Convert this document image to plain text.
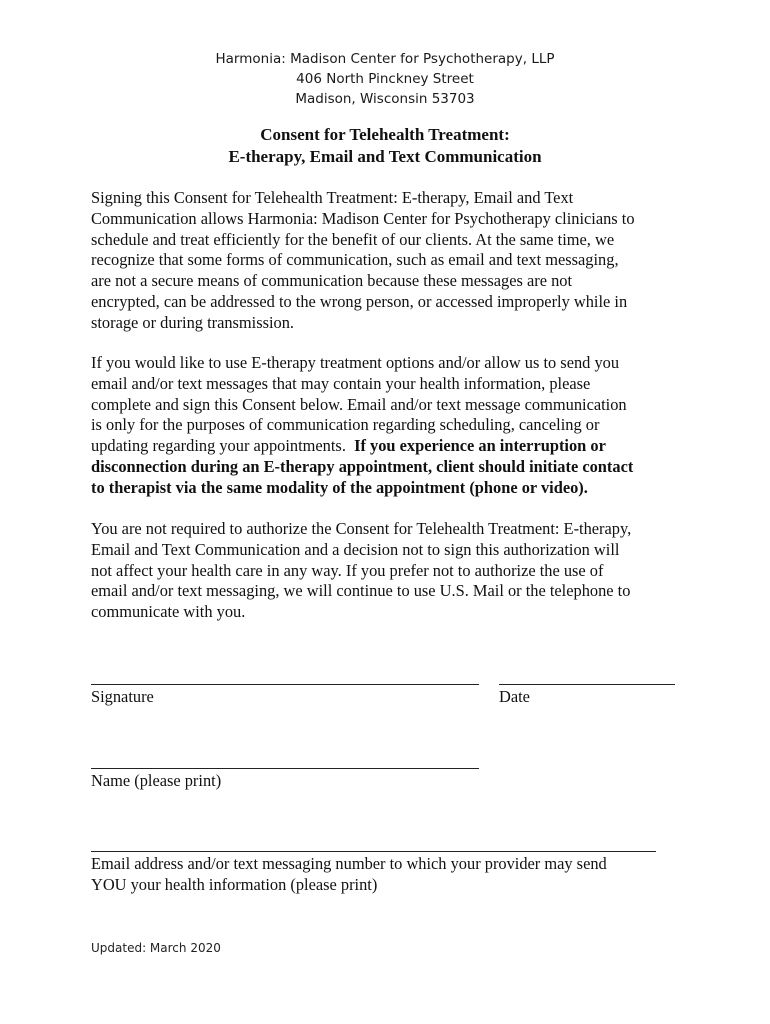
Harmonia: Madison Center for Psychotherapy, LLP
406 North Pinckney Street
Madison, Wisconsin 53703
Consent for Telehealth Treatment:
E-therapy, Email and Text Communication
Signing this Consent for Telehealth Treatment: E-therapy, Email and Text
Communication allows Harmonia: Madison Center for Psychotherapy clinicians to
schedule and treat efficiently for the benefit of our clients. At the same time, we
recognize that some forms of communication, such as email and text messaging,
are not a secure means of communication because these messages are not
encrypted, can be addressed to the wrong person, or accessed improperly while in
storage or during transmission.
If you would like to use E-therapy treatment options and/or allow us to send you
email and/or text messages that may contain your health information, please
complete and sign this Consent below. Email and/or text message communication
is only for the purposes of communication regarding scheduling, canceling or
updating regarding your appointments.  If you experience an interruption or
disconnection during an E-therapy appointment, client should initiate contact
to therapist via the same modality of the appointment (phone or video).
You are not required to authorize the Consent for Telehealth Treatment: E-therapy,
Email and Text Communication and a decision not to sign this authorization will
not affect your health care in any way. If you prefer not to authorize the use of
email and/or text messaging, we will continue to use U.S. Mail or the telephone to
communicate with you.
Signature	Date
Name (please print)
Email address and/or text messaging number to which your provider may send
YOU your health information (please print)
Updated: March 2020
